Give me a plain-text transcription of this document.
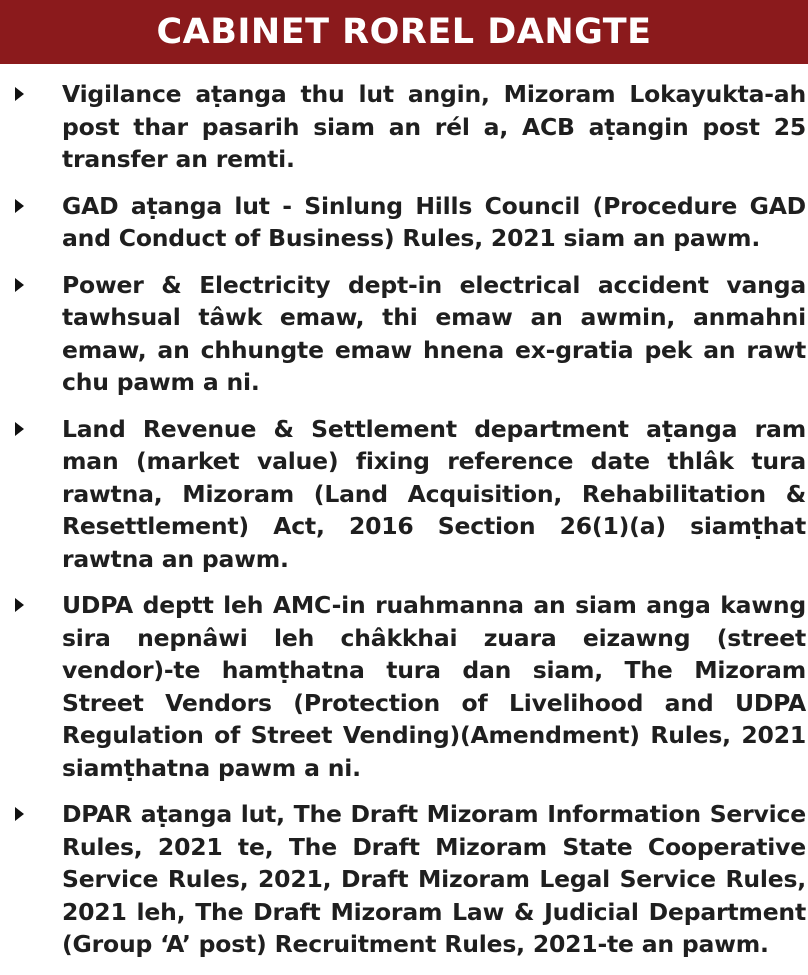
CABINET ROREL DANGTE
Vigilance aṭanga thu lut angin, Mizoram Lokayukta-ah post thar pasarih siam an rél a, ACB aṭangin post 25 transfer an remti.
GAD aṭanga lut - Sinlung Hills Council (Procedure GAD and Conduct of Business) Rules, 2021 siam an pawm.
Power & Electricity dept-in electrical accident vanga tawhsual tâwk emaw, thi emaw an awmin, anmahni emaw, an chhungte emaw hnena ex-gratia pek an rawt chu pawm a ni.
Land Revenue & Settlement department aṭanga ram man (market value) fixing reference date thlâk tura rawtna, Mizoram (Land Acquisition, Rehabilitation & Resettlement) Act, 2016 Section 26(1)(a) siamṭhat rawtna an pawm.
UDPA deptt leh AMC-in ruahmanna an siam anga kawng sira nepnâwi leh châkkhai zuara eizawng (street vendor)-te hamṭhatna tura dan siam, The Mizoram Street Vendors (Protection of Livelihood and UDPA Regulation of Street Vending)(Amendment) Rules, 2021 siamṭhatna pawm a ni.
DPAR aṭanga lut, The Draft Mizoram Information Service Rules, 2021 te, The Draft Mizoram State Cooperative Service Rules, 2021, Draft Mizoram Legal Service Rules, 2021 leh, The Draft Mizoram Law & Judicial Department (Group ‘A’ post) Recruitment Rules, 2021-te an pawm.
